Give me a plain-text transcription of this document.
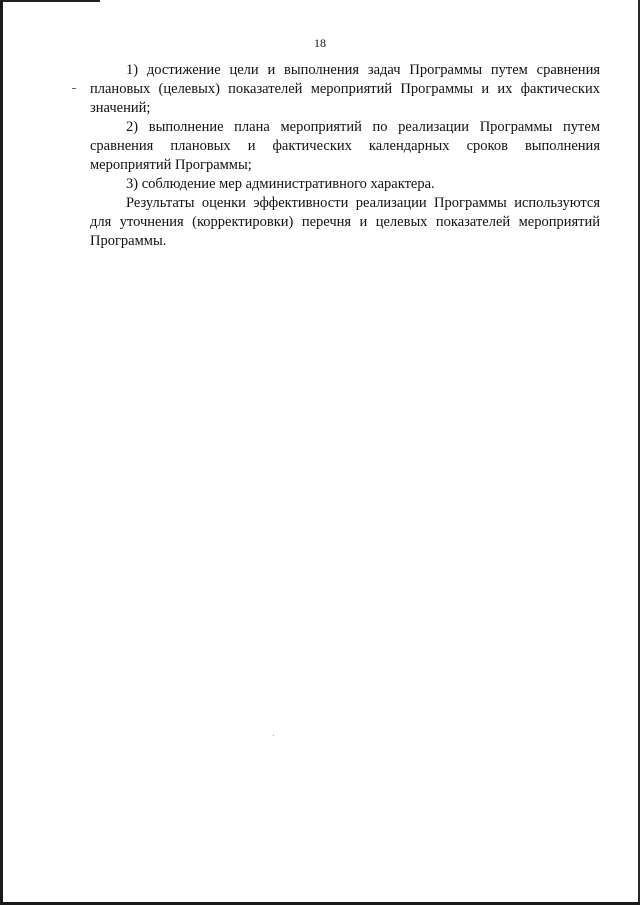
18

1) достижение цели и выполнения задач Программы путем сравнения плановых (целевых) показателей мероприятий Программы и их фактических значений;

2) выполнение плана мероприятий по реализации Программы путем сравнения плановых и фактических календарных сроков выполнения мероприятий Программы;

3) соблюдение мер административного характера.

Результаты оценки эффективности реализации Программы используются для уточнения (корректировки) перечня и целевых показателей мероприятий Программы.
